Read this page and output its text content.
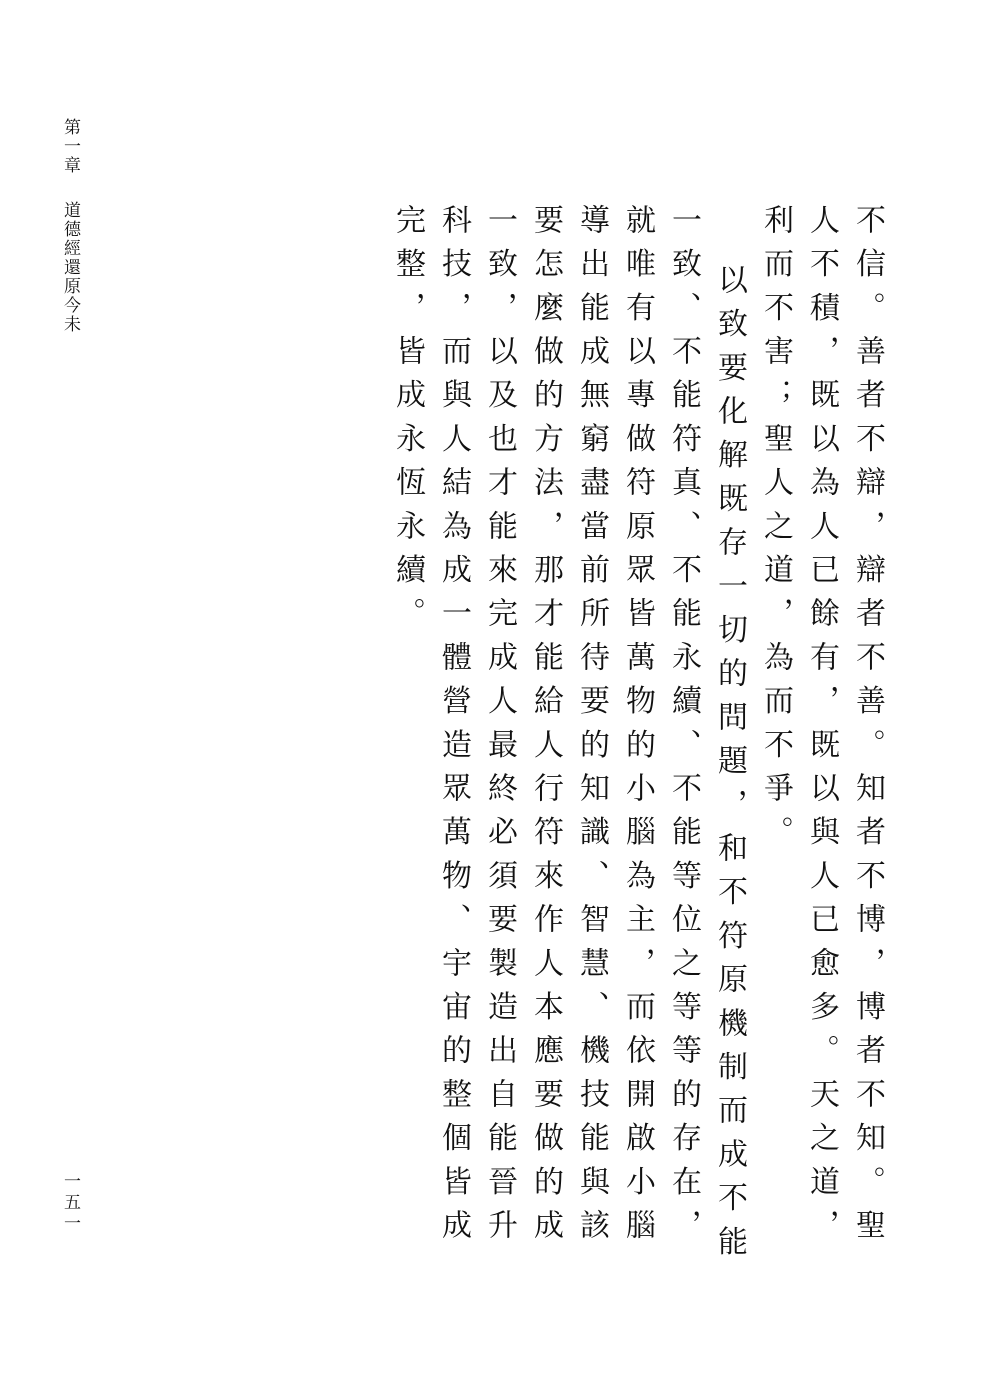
第一章道德經還原今未
一五一	不信。善者不辯，辯者不善。知者不博，博者不知。聖人不積，既以為人已餘有，既以與人已愈多。天之道，利而不害；聖人之道，為而不爭。

以致要化解既存一切的問題，和不符原機制而成不能一致、不能符真、不能永續、不能等位之等等的存在，就唯有以專做符原眾皆萬物的小腦為主，而依開啟小腦導出能成無窮盡當前所待要的知識、智慧、機技能與該要怎麼做的方法，那才能給人行符來作人本應要做的成一致，以及也才能來完成人最終必須要製造出自能晉升科技，而與人結為成一體營造眾萬物、宇宙的整個皆成完整，皆成永恆永續。
